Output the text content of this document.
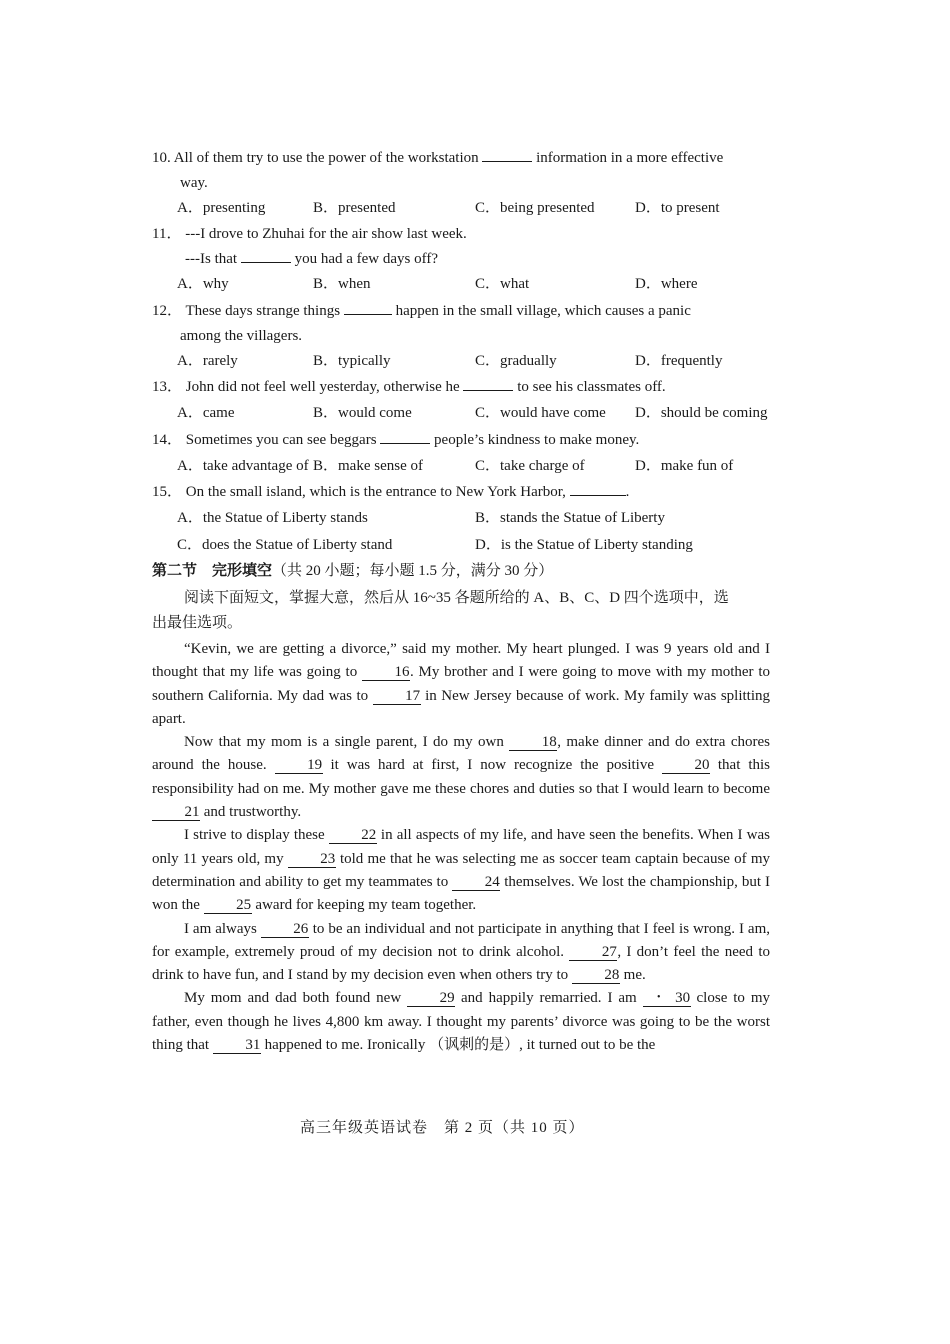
10. All of them try to use the power of the workstation	information in a more effective
way.
A．presenting	B．presented	C．being presented	D．to present
11． ---I drove to Zhuhai for the air show last week.
---Is that	you had a few days off?
A．why	B．when	C．what	D．where
12． These days strange things	happen in the small village, which causes a panic
among the villagers.
A．rarely	B．typically	C．gradually	D．frequently
13． John did not feel well yesterday, otherwise he	to see his classmates off.
A．came	B．would come	C．would have come D．should be coming
14． Sometimes you can see beggars	people’s kindness to make money.
A．take advantage of B．make sense of	C．take charge of	D．make fun of
15． On the small island, which is the entrance to New York Harbor,	.
A．the Statue of Liberty stands	B．stands the Statue of Liberty
C．does the Statue of Liberty stand	D．is the Statue of Liberty standing
第二节　完形填空（共 20 小题；每小题 1.5 分，满分 30 分）

阅读下面短文，掌握大意，然后从 16~35 各题所给的 A、B、C、D 四个选项中，选

出最佳选项。

“Kevin, we are getting a divorce,” said my mother. My heart plunged. I was 9 years old and I thought that my life was going to 16. My brother and I were going to move with my mother to southern California. My dad was to 17 in New Jersey because of work. My family was splitting apart.

Now that my mom is a single parent, I do my own 18, make dinner and do extra chores around the house. 19 it was hard at first, I now recognize the positive 20 that this responsibility had on me. My mother gave me these chores and duties so that I would learn to become 21 and trustworthy.

I strive to display these 22 in all aspects of my life, and have seen the benefits. When I was only 11 years old, my 23 told me that he was selecting me as soccer team captain because of my determination and ability to get my teammates to 24 themselves. We lost the championship, but I won the 25 award for keeping my team together.

I am always 26 to be an individual and not participate in anything that I feel is wrong. I am, for example, extremely proud of my decision not to drink alcohol. 27, I don’t feel the need to drink to have fun, and I stand by my decision even when others try to 28 me.

My mom and dad both found new 29 and happily remarried. I am 30 close to my father, even though he lives 4,800 km away. I thought my parents’ divorce was going to be the worst thing that 31 happened to me. Ironically （讽刺的是）, it turned out to be the

•
高三年级英语试卷　第 2 页（共 10 页）
